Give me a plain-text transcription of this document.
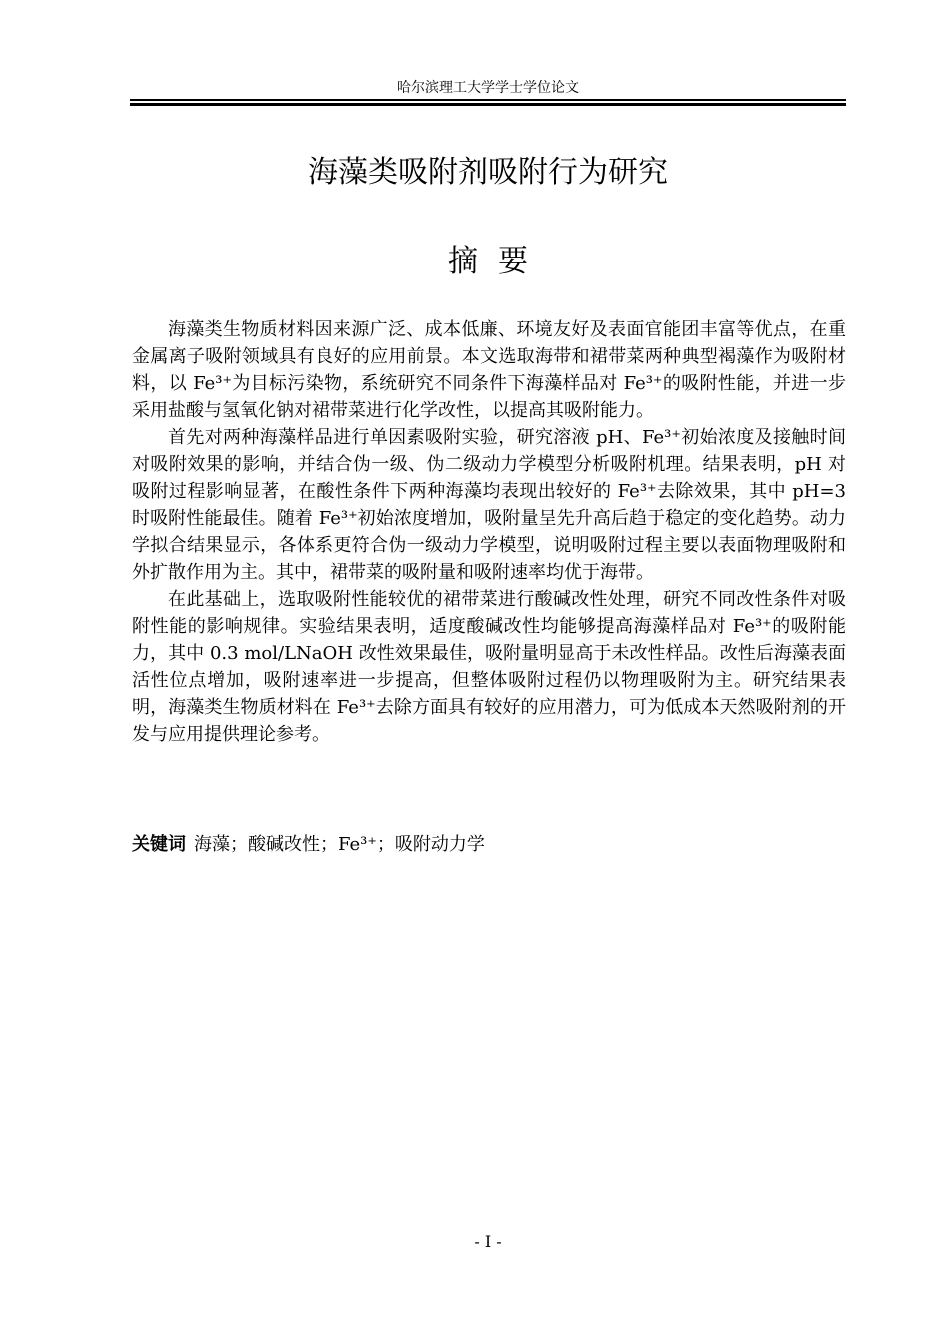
哈尔滨理工大学学士学位论文
海藻类吸附剂吸附行为研究
摘要

海藻类生物质材料因来源广泛、成本低廉、环境友好及表面官能团丰富等优点，在重金属离子吸附领域具有良好的应用前景。本文选取海带和裙带菜两种典型褐藻作为吸附材料，以 Fe³⁺为目标污染物，系统研究不同条件下海藻样品对 Fe³⁺的吸附性能，并进一步采用盐酸与氢氧化钠对裙带菜进行化学改性，以提高其吸附能力。

首先对两种海藻样品进行单因素吸附实验，研究溶液 pH、Fe³⁺初始浓度及接触时间对吸附效果的影响，并结合伪一级、伪二级动力学模型分析吸附机理。结果表明，pH 对吸附过程影响显著，在酸性条件下两种海藻均表现出较好的 Fe³⁺去除效果，其中 pH=3 时吸附性能最佳。随着 Fe³⁺初始浓度增加，吸附量呈先升高后趋于稳定的变化趋势。动力学拟合结果显示，各体系更符合伪一级动力学模型，说明吸附过程主要以表面物理吸附和外扩散作用为主。其中，裙带菜的吸附量和吸附速率均优于海带。

在此基础上，选取吸附性能较优的裙带菜进行酸碱改性处理，研究不同改性条件对吸附性能的影响规律。实验结果表明，适度酸碱改性均能够提高海藻样品对 Fe³⁺的吸附能力，其中 0.3 mol/LNaOH 改性效果最佳，吸附量明显高于未改性样品。改性后海藻表面活性位点增加，吸附速率进一步提高，但整体吸附过程仍以物理吸附为主。研究结果表明，海藻类生物质材料在 Fe³⁺去除方面具有较好的应用潜力，可为低成本天然吸附剂的开发与应用提供理论参考。

关键词 海藻；酸碱改性；Fe³⁺；吸附动力学
- I -
